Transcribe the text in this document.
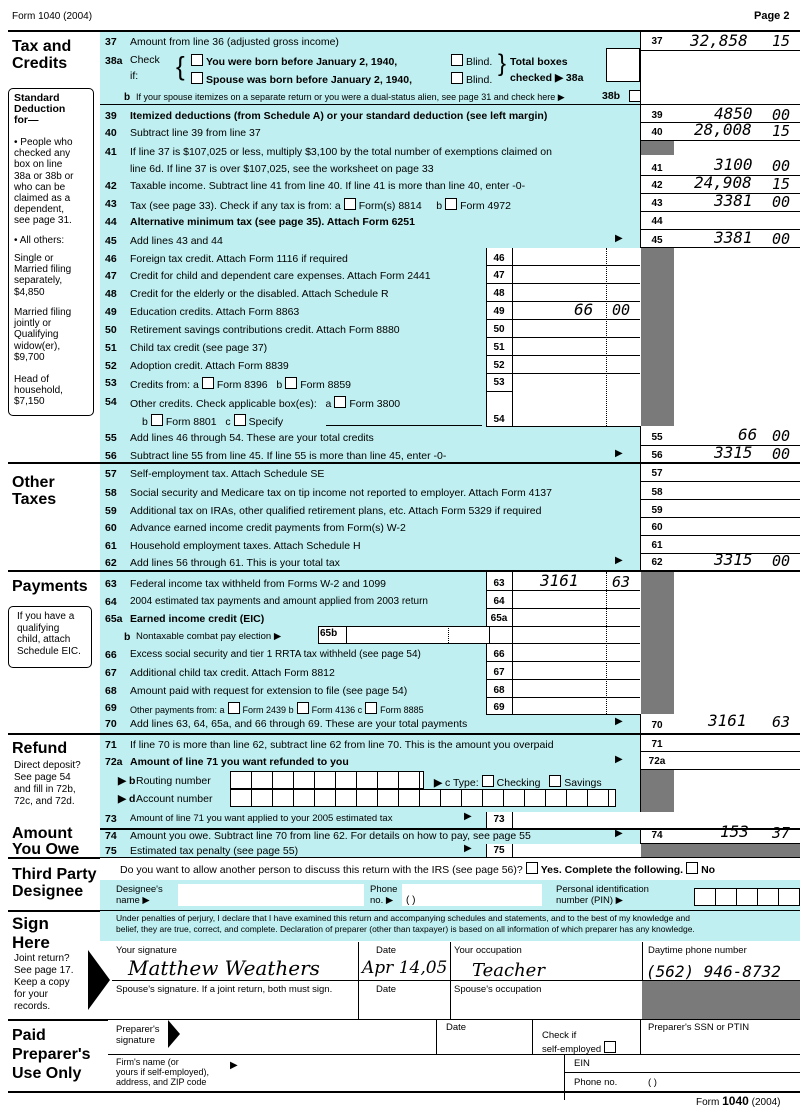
Form 1040 (2004)	Page 2
Tax and
Credits
Standard
Deduction
for—
• People who
checked any
box on line
38a or 38b or
who can be
claimed as a
dependent,
see page 31.
• All others:
Single or
Married filing
separately,
$4,850
Married filing
jointly or
Qualifying
widow(er),
$9,700
Head of
household,
$7,150
37 Amount from line 36 (adjusted gross income)	37	32,858 15
38a Check
if: {	You were born before January 2, 1940,
Spouse was born before January 2, 1940,
Blind.
Blind.
} Total boxes
checked ▶ 38a
b If your spouse itemizes on a separate return or you were a dual-status alien, see page 31 and check here ▶	38b
39 Itemized deductions (from Schedule A) or your standard deduction (see left margin)	39	4850 00
40 Subtract line 39 from line 37	40	28,008 15
41 If line 37 is $107,025 or less, multiply $3,100 by the total number of exemptions claimed on
line 6d. If line 37 is over $107,025, see the worksheet on page 33	41	3100 00
42 Taxable income. Subtract line 41 from line 40. If line 41 is more than line 40, enter -0-	42	24,908 15
43 Tax (see page 33). Check if any tax is from: a Form(s) 8814 b Form 4972	43	3381 00
44 Alternative minimum tax (see page 35). Attach Form 6251	44
45 Add lines 43 and 44	▶	45	3381 00
46 Foreign tax credit. Attach Form 1116 if required	46
47 Credit for child and dependent care expenses. Attach Form 2441	47
48 Credit for the elderly or the disabled. Attach Schedule R	48
49 Education credits. Attach Form 8863	49	66 00
50 Retirement savings contributions credit. Attach Form 8880	50
51 Child tax credit (see page 37)	51
52 Adoption credit. Attach Form 8839	52
53 Credits from: a Form 8396 b Form 8859	53
54 Other credits. Check applicable box(es): a Form 3800
b Form 8801 c Specify	54
55 Add lines 46 through 54. These are your total credits	55	66 00
56 Subtract line 55 from line 45. If line 55 is more than line 45, enter -0-	▶	56	3315 00
Other
Taxes
57 Self-employment tax. Attach Schedule SE	57
58 Social security and Medicare tax on tip income not reported to employer. Attach Form 4137	58
59 Additional tax on IRAs, other qualified retirement plans, etc. Attach Form 5329 if required	59
60 Advance earned income credit payments from Form(s) W-2	60
61 Household employment taxes. Attach Schedule H	61
62 Add lines 56 through 61. This is your total tax	▶	62	3315 00
Payments
If you have a
qualifying
child, attach
Schedule EIC.
63 Federal income tax withheld from Forms W-2 and 1099	63	3161 63
64 2004 estimated tax payments and amount applied from 2003 return	64
65a Earned income credit (EIC)	65a
b Nontaxable combat pay election ▶	65b
66 Excess social security and tier 1 RRTA tax withheld (see page 54)	66
67 Additional child tax credit. Attach Form 8812	67
68 Amount paid with request for extension to file (see page 54)	68
69 Other payments from: a Form 2439 b Form 4136 c Form 8885	69
70 Add lines 63, 64, 65a, and 66 through 69. These are your total payments	▶	70	3161 63
Refund
Direct deposit?
See page 54
and fill in 72b,
72c, and 72d.
71 If line 70 is more than line 62, subtract line 62 from line 70. This is the amount you overpaid	71
72a Amount of line 71 you want refunded to you	▶	72a
▶ b Routing number	▶ c Type: Checking Savings
▶ d Account number
73 Amount of line 71 you want applied to your 2005 estimated tax	▶	73
Amount
You Owe
74 Amount you owe. Subtract line 70 from line 62. For details on how to pay, see page 55	▶	74	153 37
75 Estimated tax penalty (see page 55)	▶	75
Third Party
Designee
Do you want to allow another person to discuss this return with the IRS (see page 56)? Yes. Complete the following. No
Designee's
name ▶
Phone
no. ▶	( )
Personal identification
number (PIN) ▶
Sign
Here
Joint return?
See page 17.
Keep a copy
for your
records.
Under penalties of perjury, I declare that I have examined this return and accompanying schedules and statements, and to the best of my knowledge and
belief, they are true, correct, and complete. Declaration of preparer (other than taxpayer) is based on all information of which preparer has any knowledge.
Your signature
Matthew Weathers
Date
Apr 14,05
Your occupation
Teacher
Daytime phone number
(562) 946-8732
Spouse's signature. If a joint return, both must sign.	Date	Spouse's occupation
Paid
Preparer's
Use Only
Preparer's
signature
Date
Check if
self-employed
Preparer's SSN or PTIN
Firm's name (or
yours if self-employed),
address, and ZIP code
▶	EIN
Phone no.	( )
Form 1040 (2004)
